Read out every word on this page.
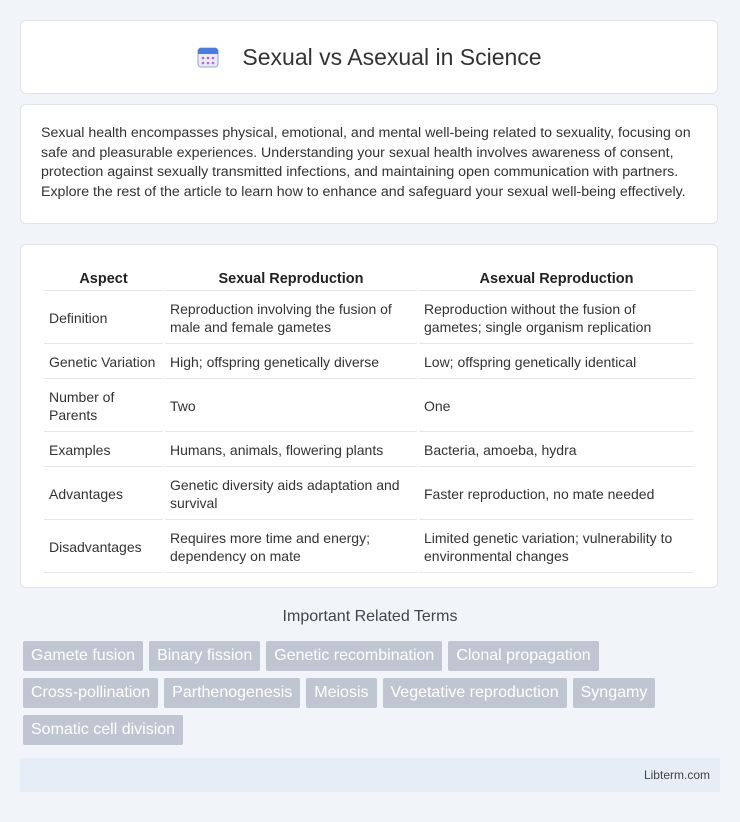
Sexual vs Asexual in Science

Sexual health encompasses physical, emotional, and mental well-being related to sexuality, focusing on safe and pleasurable experiences. Understanding your sexual health involves awareness of consent, protection against sexually transmitted infections, and maintaining open communication with partners. Explore the rest of the article to learn how to enhance and safeguard your sexual well-being effectively.

Aspect	Sexual Reproduction	Asexual Reproduction
Definition	Reproduction involving the fusion of male and female gametes	Reproduction without the fusion of gametes; single organism replication
Genetic Variation	High; offspring genetically diverse	Low; offspring genetically identical
Number of Parents	Two	One
Examples	Humans, animals, flowering plants	Bacteria, amoeba, hydra
Advantages	Genetic diversity aids adaptation and survival	Faster reproduction, no mate needed
Disadvantages	Requires more time and energy; dependency on mate	Limited genetic variation; vulnerability to environmental changes
Important Related Terms
Gamete fusion	Binary fission	Genetic recombination	Clonal propagation
Cross-pollination	Parthenogenesis	Meiosis	Vegetative reproduction	Syngamy
Somatic cell division
Libterm.com
